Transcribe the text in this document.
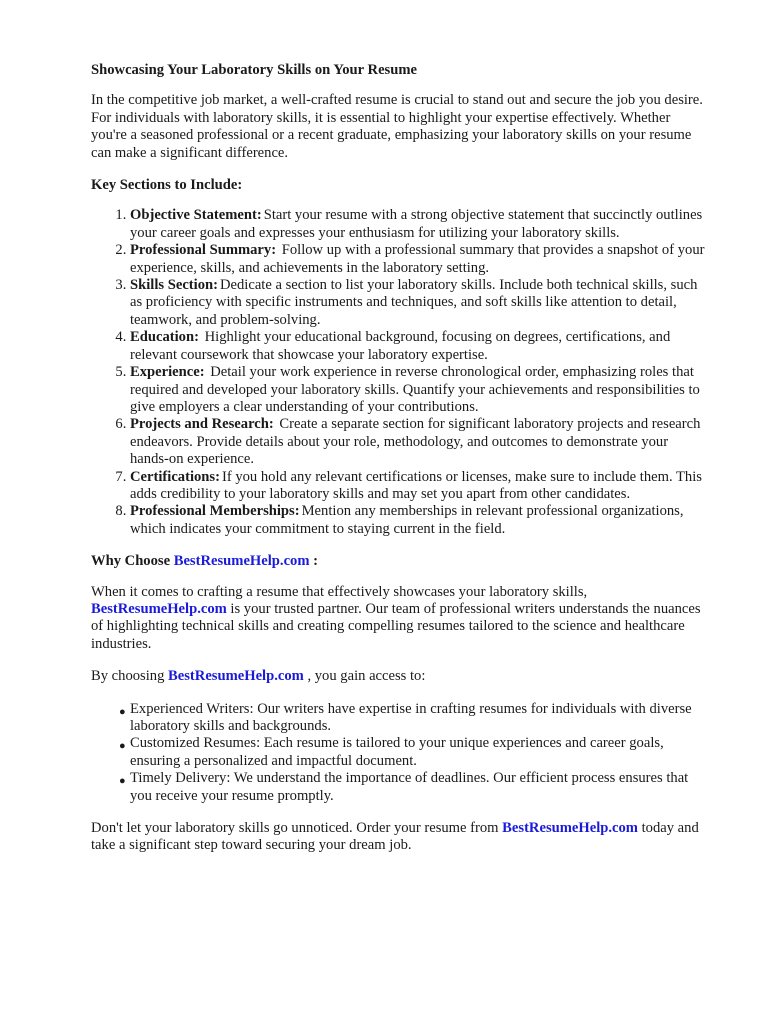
Showcasing Your Laboratory Skills on Your Resume

In the competitive job market, a well-crafted resume is crucial to stand out and secure the job you desire. For individuals with laboratory skills, it is essential to highlight your expertise effectively. Whether you're a seasoned professional or a recent graduate, emphasizing your laboratory skills on your resume can make a significant difference.

Key Sections to Include:
1. Objective Statement: Start your resume with a strong objective statement that succinctly outlines your career goals and expresses your enthusiasm for utilizing your laboratory skills.
2. Professional Summary: Follow up with a professional summary that provides a snapshot of your experience, skills, and achievements in the laboratory setting.
3. Skills Section: Dedicate a section to list your laboratory skills. Include both technical skills, such as proficiency with specific instruments and techniques, and soft skills like attention to detail, teamwork, and problem-solving.
4. Education: Highlight your educational background, focusing on degrees, certifications, and relevant coursework that showcase your laboratory expertise.
5. Experience: Detail your work experience in reverse chronological order, emphasizing roles that required and developed your laboratory skills. Quantify your achievements and responsibilities to give employers a clear understanding of your contributions.
6. Projects and Research: Create a separate section for significant laboratory projects and research endeavors. Provide details about your role, methodology, and outcomes to demonstrate your hands-on experience.
7. Certifications: If you hold any relevant certifications or licenses, make sure to include them. This adds credibility to your laboratory skills and may set you apart from other candidates.
8. Professional Memberships: Mention any memberships in relevant professional organizations, which indicates your commitment to staying current in the field.
Why Choose BestResumeHelp.com :

When it comes to crafting a resume that effectively showcases your laboratory skills, BestResumeHelp.com is your trusted partner. Our team of professional writers understands the nuances of highlighting technical skills and creating compelling resumes tailored to the science and healthcare industries.

By choosing BestResumeHelp.com , you gain access to:

● Experienced Writers: Our writers have expertise in crafting resumes for individuals with diverse laboratory skills and backgrounds.
● Customized Resumes: Each resume is tailored to your unique experiences and career goals, ensuring a personalized and impactful document.
● Timely Delivery: We understand the importance of deadlines. Our efficient process ensures that you receive your resume promptly.

Don't let your laboratory skills go unnoticed. Order your resume from BestResumeHelp.com today and take a significant step toward securing your dream job.
